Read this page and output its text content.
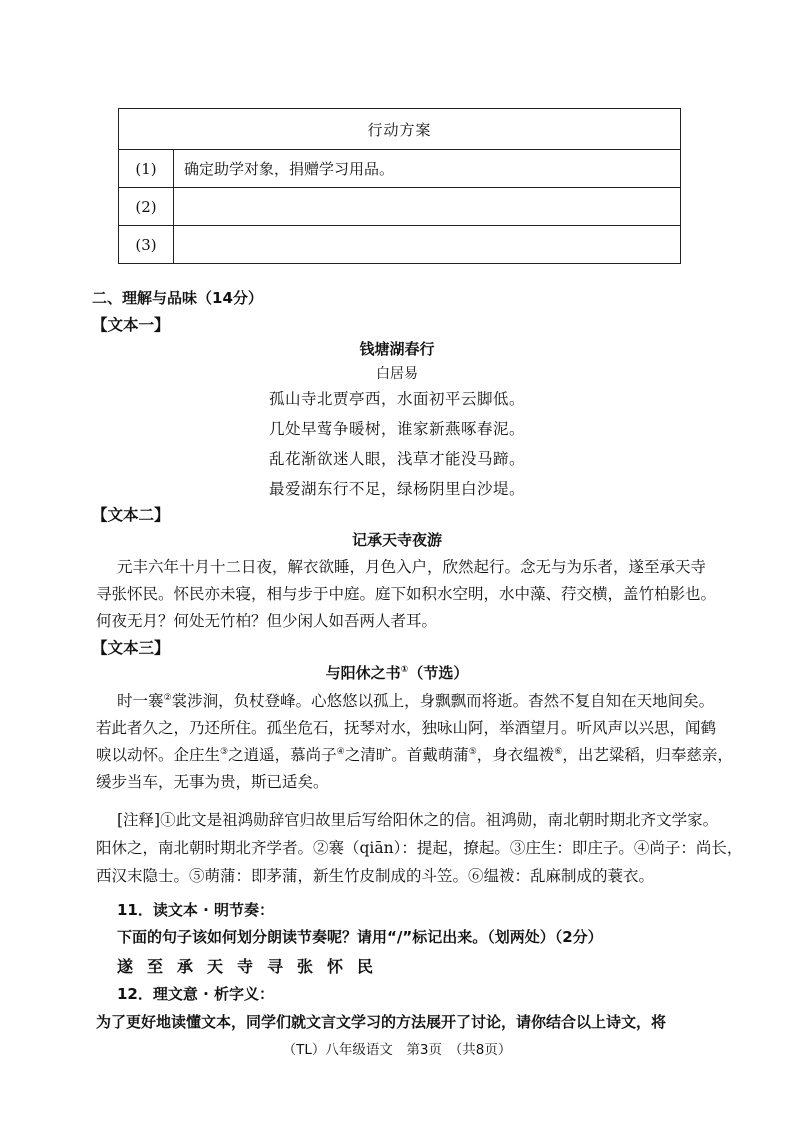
行动方案	
(1)	确定助学对象，捐赠学习用品。
(2)	
(3)	
二、理解与品味（14分）
【文本一】
钱塘湖春行
白居易
孤山寺北贾亭西，水面初平云脚低。
几处早莺争暖树，谁家新燕啄春泥。
乱花渐欲迷人眼，浅草才能没马蹄。
最爱湖东行不足，绿杨阴里白沙堤。
【文本二】
记承天寺夜游
元丰六年十月十二日夜，解衣欲睡，月色入户，欣然起行。念无与为乐者，遂至承天寺
寻张怀民。怀民亦未寝，相与步于中庭。庭下如积水空明，水中藻、荇交横，盖竹柏影也。
何夜无月？何处无竹柏？但少闲人如吾两人者耳。
【文本三】
与阳休之书①（节选）
时一褰②裳涉涧，负杖登峰。心悠悠以孤上，身飘飘而将逝。杳然不复自知在天地间矣。
若此者久之，乃还所住。孤坐危石，抚琴对水，独咏山阿，举酒望月。听风声以兴思，闻鹤
唳以动怀。企庄生③之逍遥，慕尚子④之清旷。首戴萌蒲⑤，身衣缊袯⑥，出艺粱稻，归奉慈亲，
缓步当车，无事为贵，斯已适矣。
[注释]①此文是祖鸿勋辞官归故里后写给阳休之的信。祖鸿勋，南北朝时期北齐文学家。
阳休之，南北朝时期北齐学者。②褰（qiān）：提起，撩起。③庄生：即庄子。④尚子：尚长，
西汉末隐士。⑤萌蒲：即茅蒲，新生竹皮制成的斗笠。⑥缊袯：乱麻制成的蓑衣。
11．读文本 · 明节奏：
下面的句子该如何划分朗读节奏呢？请用“/”标记出来。（划两处）（2分）
遂至承天寺寻张怀民
12．理文意 · 析字义：
为了更好地读懂文本，同学们就文言文学习的方法展开了讨论，请你结合以上诗文，将
（TL）八年级语文　第3页　（共8页）
